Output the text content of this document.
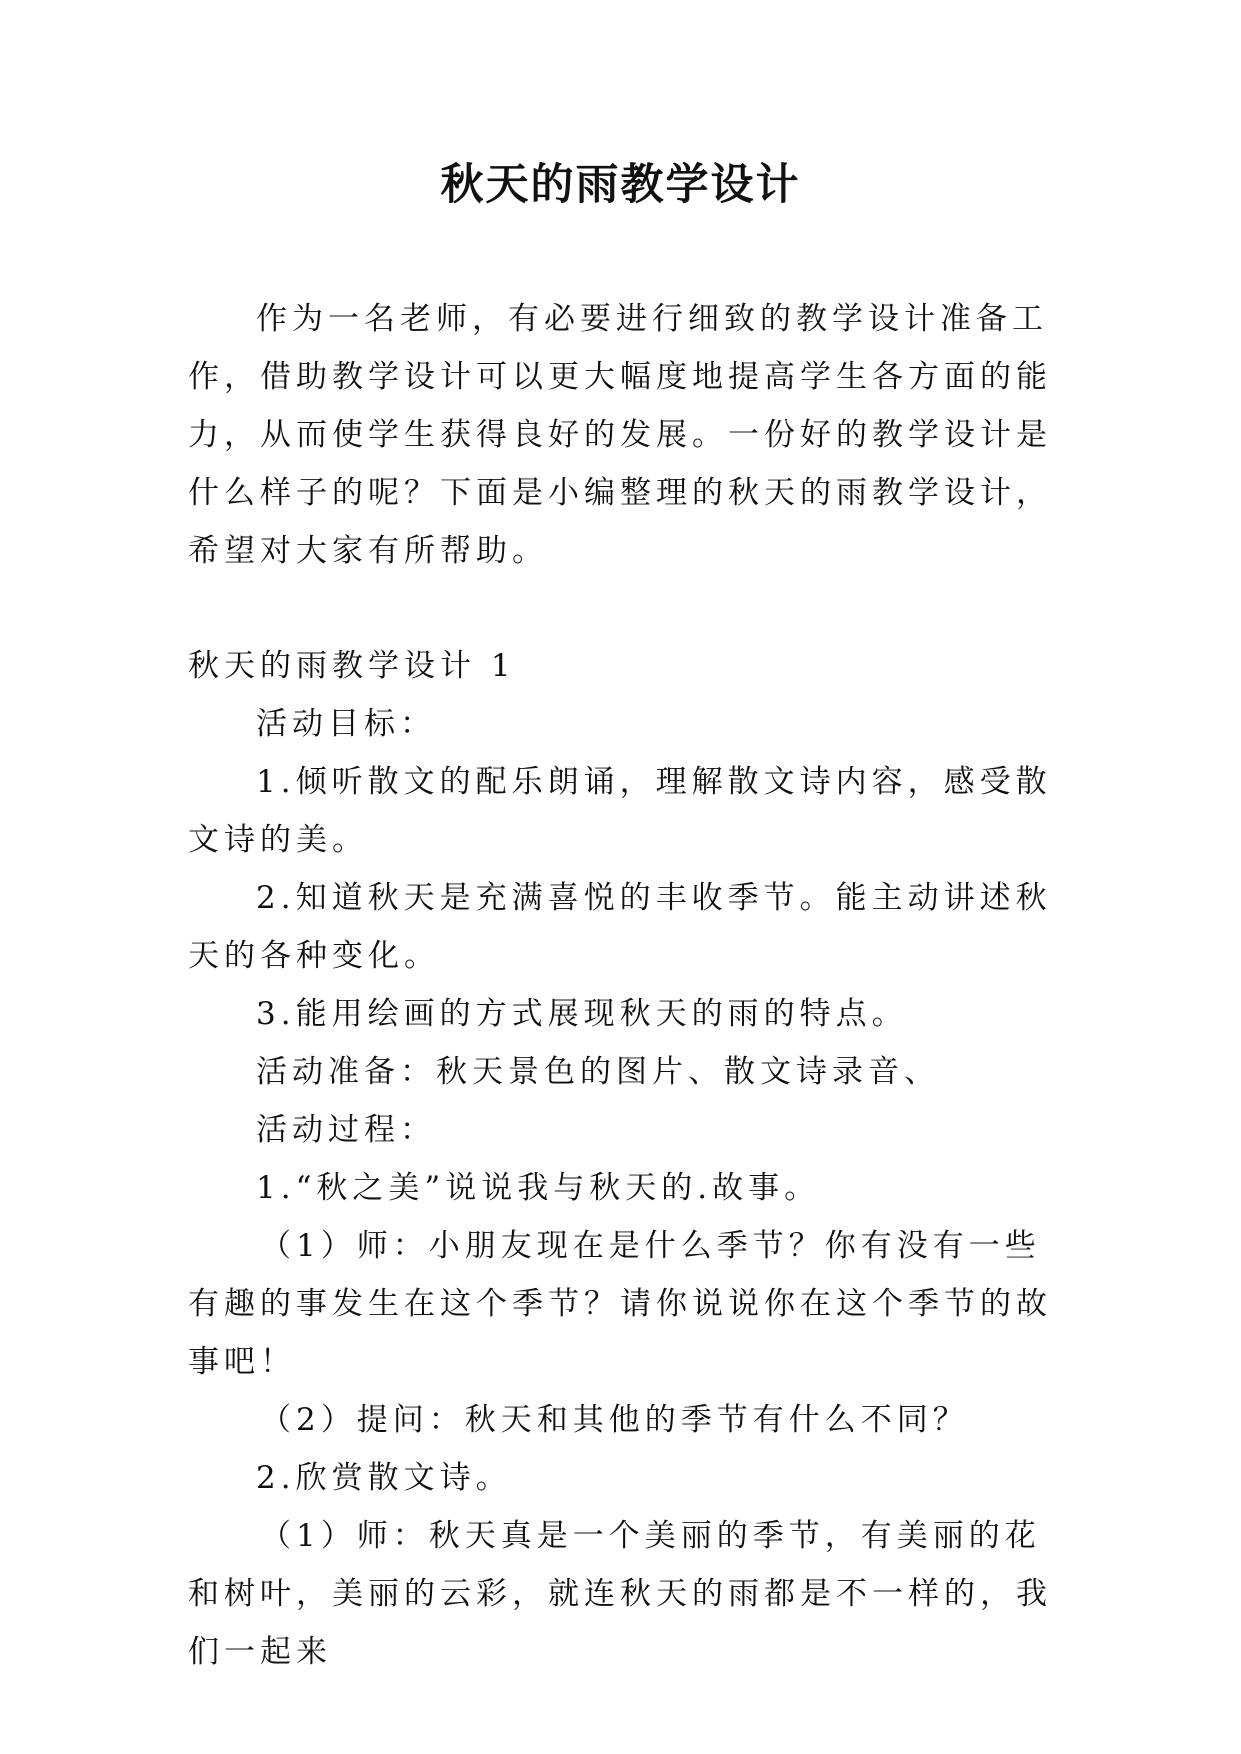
秋天的雨教学设计

作为一名老师，有必要进行细致的教学设计准备工作，借助教学设计可以更大幅度地提高学生各方面的能力，从而使学生获得良好的发展。一份好的教学设计是什么样子的呢？下面是小编整理的秋天的雨教学设计，希望对大家有所帮助。

秋天的雨教学设计 1

活动目标：

1.倾听散文的配乐朗诵，理解散文诗内容，感受散文诗的美。

2.知道秋天是充满喜悦的丰收季节。能主动讲述秋天的各种变化。

3.能用绘画的方式展现秋天的雨的特点。

活动准备：秋天景色的图片、散文诗录音、

活动过程：

1.“秋之美”说说我与秋天的.故事。

（1）师：小朋友现在是什么季节？你有没有一些有趣的事发生在这个季节？请你说说你在这个季节的故事吧！

（2）提问：秋天和其他的季节有什么不同？

2.欣赏散文诗。

（1）师：秋天真是一个美丽的季节，有美丽的花和树叶，美丽的云彩，就连秋天的雨都是不一样的，我们一起来
